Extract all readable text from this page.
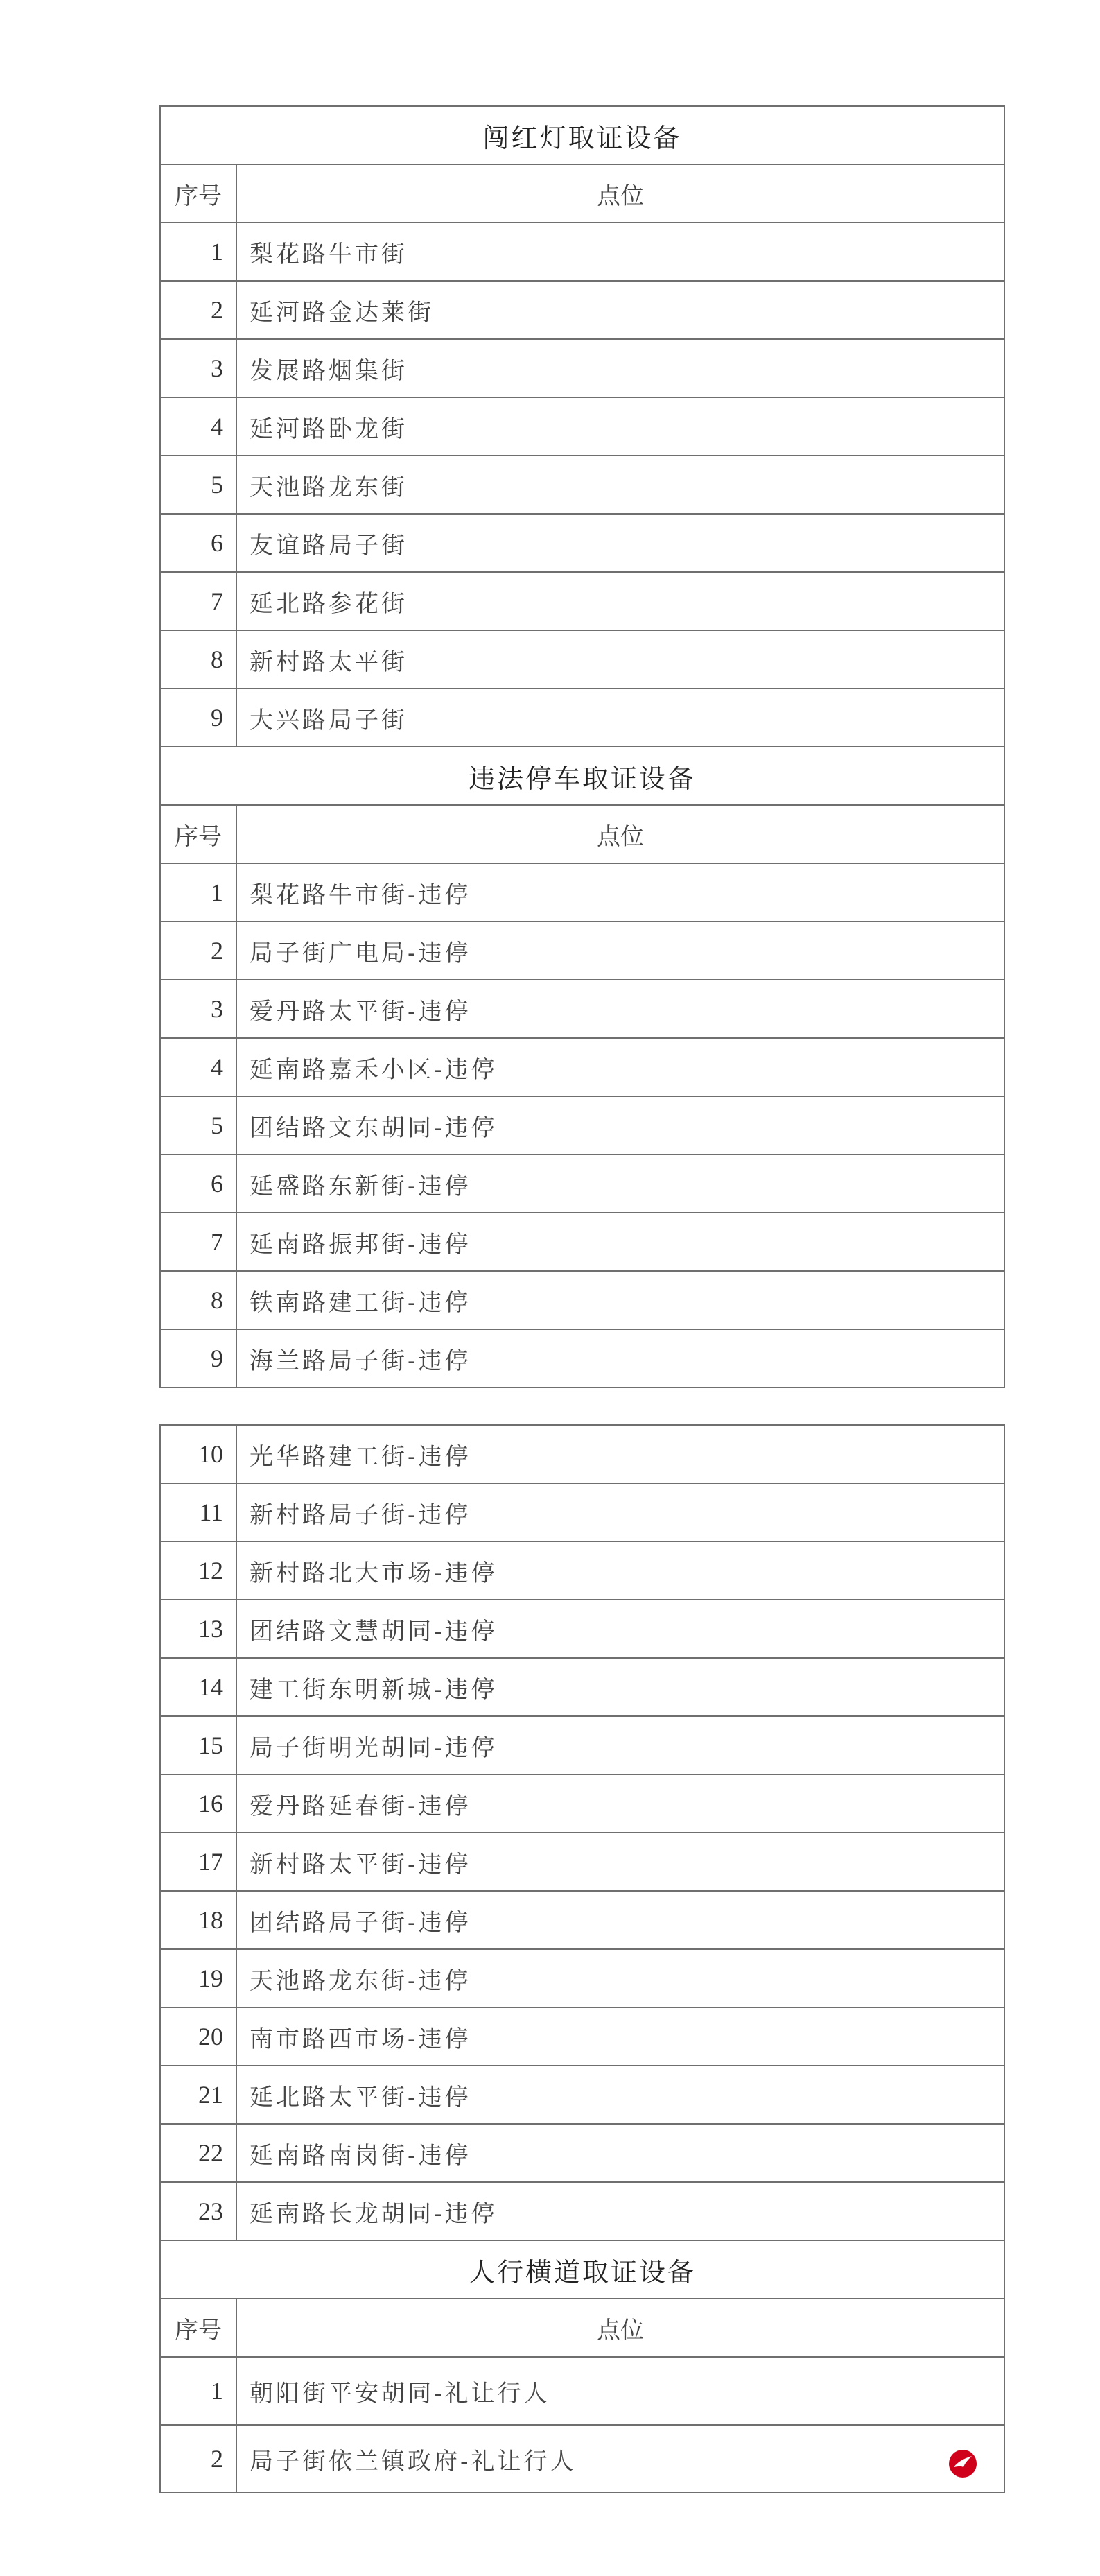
闯红灯取证设备	
序号	点位
1	梨花路牛市街
2	延河路金达莱街
3	发展路烟集街
4	延河路卧龙街
5	天池路龙东街
6	友谊路局子街
7	延北路参花街
8	新村路太平街
9	大兴路局子街
违法停车取证设备	
序号	点位
1	梨花路牛市街-违停
2	局子街广电局-违停
3	爱丹路太平街-违停
4	延南路嘉禾小区-违停
5	团结路文东胡同-违停
6	延盛路东新街-违停
7	延南路振邦街-违停
8	铁南路建工街-违停
9	海兰路局子街-违停
10	光华路建工街-违停
11	新村路局子街-违停
12	新村路北大市场-违停
13	团结路文慧胡同-违停
14	建工街东明新城-违停
15	局子街明光胡同-违停
16	爱丹路延春街-违停
17	新村路太平街-违停
18	团结路局子街-违停
19	天池路龙东街-违停
20	南市路西市场-违停
21	延北路太平街-违停
22	延南路南岗街-违停
23	延南路长龙胡同-违停
人行横道取证设备	
序号	点位
1	朝阳街平安胡同-礼让行人
2	局子街依兰镇政府-礼让行人
